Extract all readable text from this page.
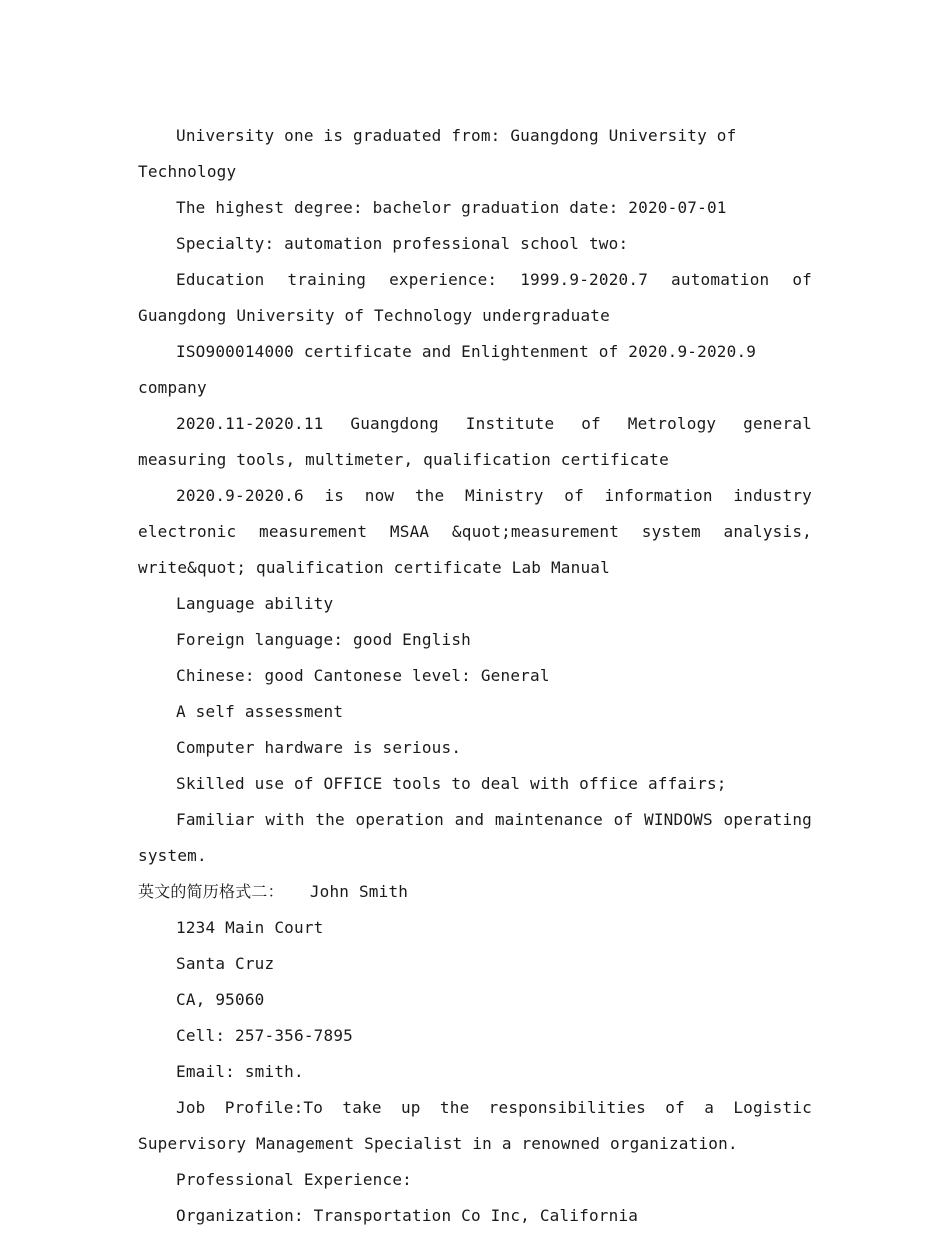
University one is graduated from: Guangdong University of Technology

The highest degree: bachelor graduation date: 2020-07-01

Specialty: automation professional school two:

Education training experience: 1999.9-2020.7 automation of Guangdong University of Technology undergraduate

ISO900014000 certificate and Enlightenment of 2020.9-2020.9 company

2020.11-2020.11 Guangdong Institute of Metrology general measuring tools, multimeter, qualification certificate

2020.9-2020.6 is now the Ministry of information industry electronic measurement MSAA &quot;measurement system analysis, write&quot; qualification certificate Lab Manual

Language ability

Foreign language: good English

Chinese: good Cantonese level: General

A self assessment

Computer hardware is serious.

Skilled use of OFFICE tools to deal with office affairs;

Familiar with the operation and maintenance of WINDOWS operating system.

英文的简历格式二： John Smith

1234 Main Court

Santa Cruz

CA, 95060

Cell: 257-356-7895

Email: smith.

Job Profile:To take up the responsibilities of a Logistic Supervisory Management Specialist in a renowned organization.

Professional Experience:

Organization: Transportation Co Inc, California
